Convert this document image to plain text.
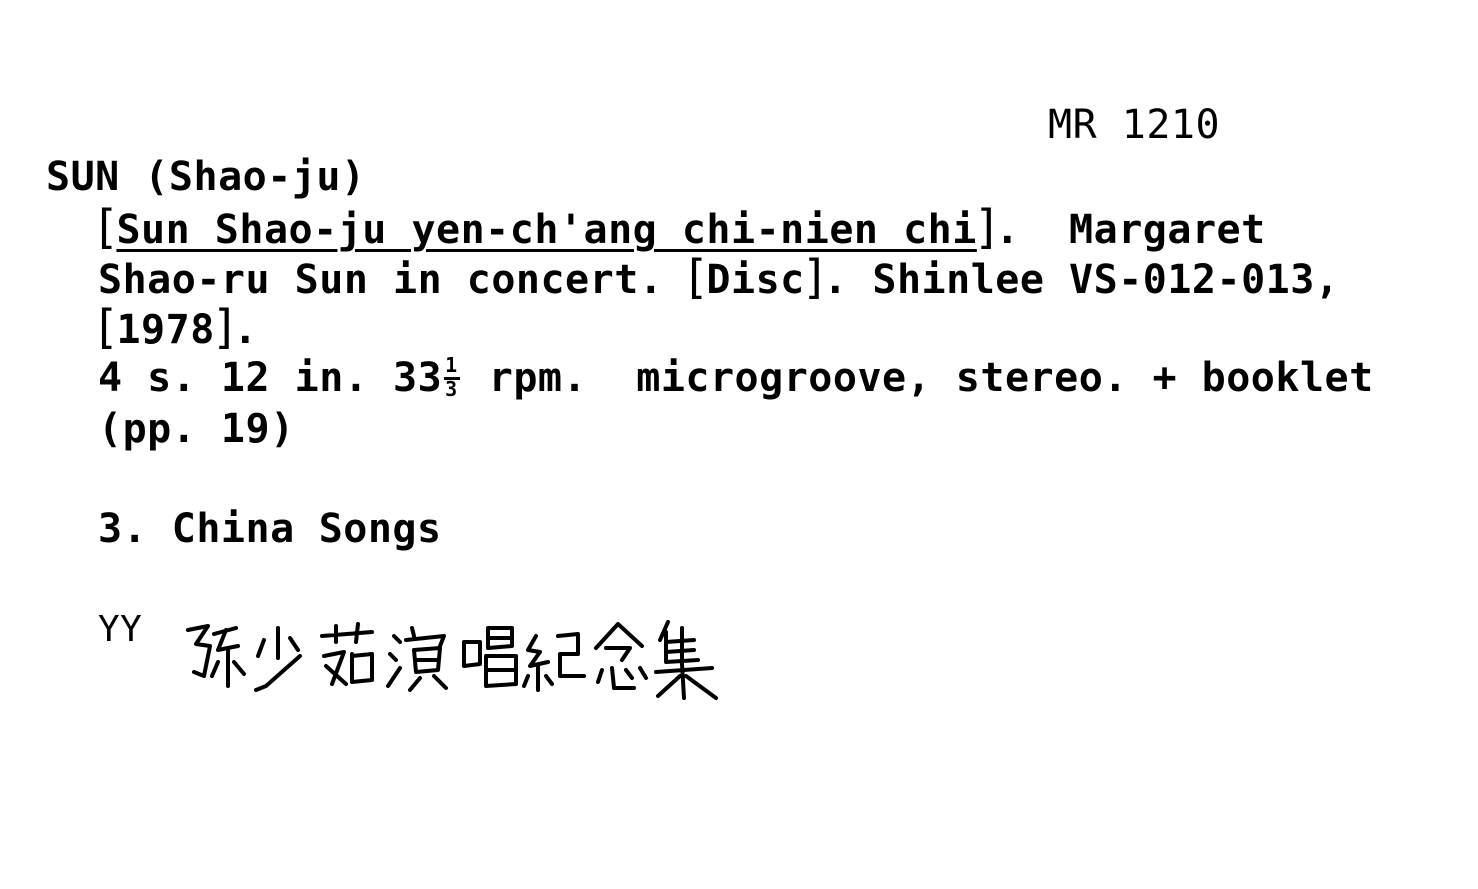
MR 1210
SUN (Shao-ju)
[Sun Shao-ju yen-ch'ang chi-nien chi].  Margaret
Shao-ru Sun in concert. [Disc]. Shinlee VS-012-013,
[1978].
4 s. 12 in. $33 \frac{1}{3}$ rpm.  microgroove, stereo. + booklet
(pp. 19)
3. China Songs
YY
